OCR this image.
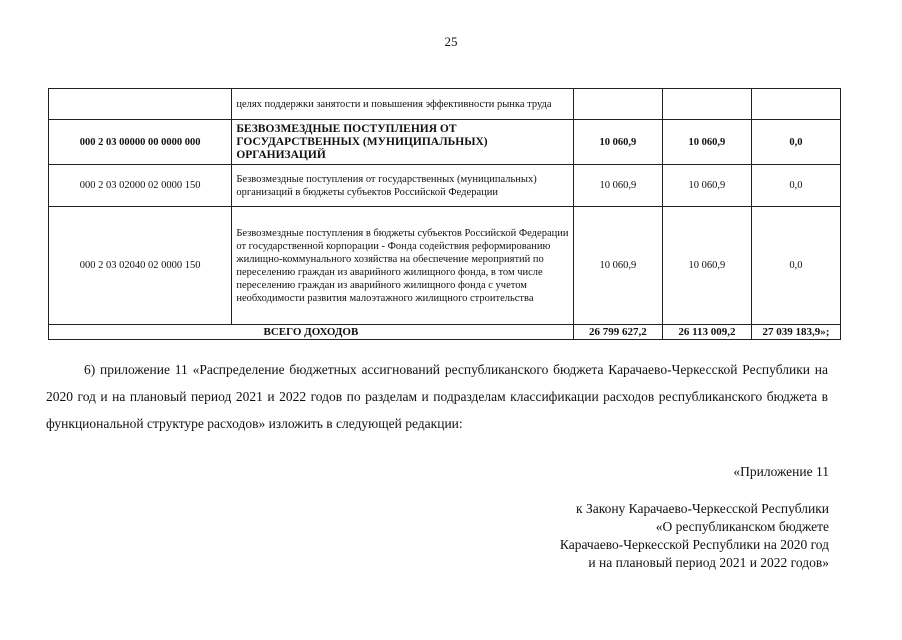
25
	целях поддержки занятости и повышения эффективности рынка труда			
000 2 03 00000 00 0000 000	БЕЗВОЗМЕЗДНЫЕ ПОСТУПЛЕНИЯ ОТ ГОСУДАРСТВЕННЫХ (МУНИЦИПАЛЬНЫХ) ОРГАНИЗАЦИЙ	10 060,9	10 060,9	0,0
000 2 03 02000 02 0000 150	Безвозмездные поступления от государственных (муниципальных) организаций в бюджеты субъектов Российской Федерации	10 060,9	10 060,9	0,0
000 2 03 02040 02 0000 150	Безвозмездные поступления в бюджеты субъектов Российской Федерации от государственной корпорации - Фонда содействия реформированию жилищно-коммунального хозяйства на обеспечение мероприятий по переселению граждан из аварийного жилищного фонда, в том числе переселению граждан из аварийного жилищного фонда с учетом необходимости развития малоэтажного жилищного строительства	10 060,9	10 060,9	0,0
ВСЕГО ДОХОДОВ		26 799 627,2	26 113 009,2	27 039 183,9»;

6) приложение 11 «Распределение бюджетных ассигнований республиканского бюджета Карачаево-Черкесской Республики на 2020 год и на плановый период 2021 и 2022 годов по разделам и подразделам классификации расходов республиканского бюджета в функциональной структуре расходов» изложить в следующей редакции:

«Приложение 11
к Закону Карачаево-Черкесской Республики
«О республиканском бюджете
Карачаево-Черкесской Республики на 2020 год
и на плановый период 2021 и 2022 годов»
